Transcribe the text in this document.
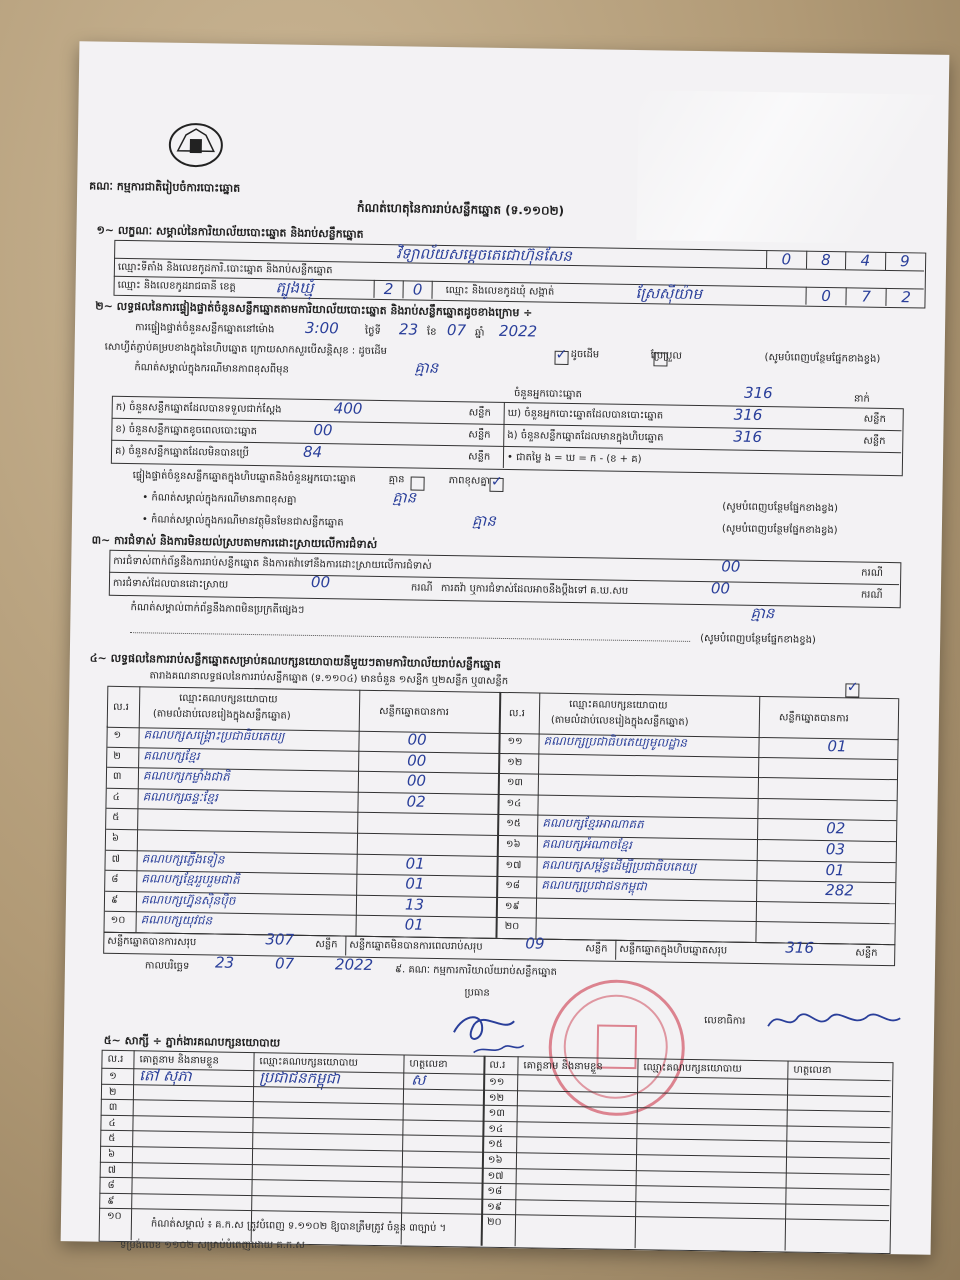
គណៈ កម្មការជាតិរៀបចំការបោះឆ្នោត
កំណត់ហេតុនៃការរាប់សន្លឹកឆ្នោត (ទ.១១០២)
១~ លក្ខណៈ សម្គាល់នៃការិយាល័យបោះឆ្នោត និងរាប់សន្លឹកឆ្នោត
ឈ្មោះទីតាំង និងលេខកូដការិ.បោះឆ្នោត និងរាប់សន្លឹកឆ្នោត
វិទ្យាល័យសម្តេចតេជោហ៊ុនសែន	0	8	4	9
ឈ្មោះ និងលេខកូដរាជធានី ខេត្ត	ត្បូងឃ្មុំ	2	0	ឈ្មោះ និងលេខកូដឃុំ សង្កាត់	ស្រែស៊ីយ៉ាម	0	7	2
២~ លទ្ធផលនៃការផ្ទៀងផ្ទាត់ចំនួនសន្លឹកឆ្នោតតាមការិយាល័យបោះឆ្នោត និងរាប់សន្លឹកឆ្នោតដូចខាងក្រោម ÷
ការផ្ទៀងផ្ទាត់ចំនួនសន្លឹកឆ្នោតនៅម៉ោង 3:00	ថ្ងៃទី 23 ខែ 07 ឆ្នាំ 2022
សោហ្វីត់ភ្ជាប់គម្របខាងក្នុងនៃហិបឆ្នោត ក្រោយសាកសួរបើសន្តិសុខ : ដូចដើម ✓	ដូចដើម
	ប្រែប្រួល	(សូមបំពេញបន្ថែមផ្នែកខាងខ្វង)
កំណត់សម្គាល់ក្នុងករណីមានភាពខុសពីមុន	គ្មាន
ចំនួនអ្នកបោះឆ្នោត	316	នាក់
ក) ចំនួនសន្លឹកឆ្នោតដែលបានទទួលជាក់ស្តែង	400	សន្លឹក ឃ) ចំនួនអ្នកបោះឆ្នោតដែលបានបោះឆ្នោត	316	សន្លឹក
ខ) ចំនួនសន្លឹកឆ្នោតខូចពេលបោះឆ្នោត	00	សន្លឹក ង) ចំនួនសន្លឹកឆ្នោតដែលមានក្នុងហិបឆ្នោត	316	សន្លឹក
គ) ចំនួនសន្លឹកឆ្នោតដែលមិនបានប្រើ	84	សន្លឹក • ជាតម្លៃ ង = ឃ = ក - (ខ + គ)
ផ្ទៀងផ្ទាត់ចំនួនសន្លឹកឆ្នោតក្នុងហិបឆ្នោតនិងចំនួនអ្នកបោះឆ្នោត
	គ្មាន ✓	ភាពខុសគ្នា
• កំណត់សម្គាល់ក្នុងករណីមានភាពខុសគ្នា	គ្មាន
(សូមបំពេញបន្ថែមផ្នែកខាងខ្វង)
• កំណត់សម្គាល់ក្នុងករណីមានវត្ថុមិនមែនជាសន្លឹកឆ្នោត	គ្មាន	(សូមបំពេញបន្ថែមផ្នែកខាងខ្វង)
៣~ ការជំទាស់ និងការមិនយល់ស្របតាមការដោះស្រាយលើការជំទាស់
ការជំទាស់ពាក់ព័ន្ធនឹងការរាប់សន្លឹកឆ្នោត និងការតវ៉ាទៅនឹងការដោះស្រាយលើការជំទាស់	00	ករណី
ការជំទាស់ដែលបានដោះស្រាយ	00	ករណី ការតវ៉ា ឬការជំទាស់ដែលអាចនឹងប្តឹងទៅ គ.ឃ.សប	00	ករណី
កំណត់សម្គាល់ពាក់ព័ន្ធនឹងភាពមិនប្រក្រតីផ្សេងៗ	គ្មាន
(សូមបំពេញបន្ថែមផ្នែកខាងខ្វង)
៤~ លទ្ធផលនៃការរាប់សន្លឹកឆ្នោតសម្រាប់គណបក្សនយោបាយនីមួយៗតាមការិយាល័យរាប់សន្លឹកឆ្នោត
តារាងគណនាលទ្ធផលនៃការរាប់សន្លឹកឆ្នោត (ទ.១១០៤) មានចំនួន ១សន្លឹក ឬ២សន្លឹក ឬ៣សន្លឹក
✓
ល.រ
ឈ្មោះគណបក្សនយោបាយ
(តាមលំដាប់លេខរៀងក្នុងសន្លឹកឆ្នោត)	សន្លឹកឆ្នោតបានការ	ល.រ
ឈ្មោះគណបក្សនយោបាយ
(តាមលំដាប់លេខរៀងក្នុងសន្លឹកឆ្នោត)	សន្លឹកឆ្នោតបានការ
១	គណបក្សសង្គ្រោះប្រជាធិបតេយ្យ	00	១១	គណបក្សប្រជាធិបតេយ្យមូលដ្ឋាន	01
២	គណបក្សខ្មែរ	00	១២
៣	គណបក្សកម្លាំងជាតិ	00	១៣
៤	គណបក្សឆន្ទៈខ្មែរ	02	១៤
៥
១៥	គណបក្សខ្មែរអាណាគត	02
៦
១៦	គណបក្សអំណាចខ្មែរ	03
៧	គណបក្សភ្លើងទៀន	01	១៧	គណបក្សសម្ព័ន្ធដើម្បីប្រជាធិបតេយ្យ	01
៨	គណបក្សខ្មែររួបរួមជាតិ	01	១៨	គណបក្សប្រជាជនកម្ពុជា	282
៩	គណបក្សហ្វ៊ុនស៊ិនប៉ិច	13	១៩
១០	គណបក្សយុវជន	01	២០
សន្លឹកឆ្នោតបានការសរុប	307 សន្លឹក សន្លឹកឆ្នោតមិនបានការពេលរាប់សរុប	09	សន្លឹក សន្លឹកឆ្នោតក្នុងហិបឆ្នោតសរុប	316	សន្លឹក
កាលបរិច្ឆេទ 23	07	2022 ៩. គណៈ កម្មការការិយាល័យរាប់សន្លឹកឆ្នោត
ប្រធាន
លេខាធិការ
៥~ សាក្សី ÷ ភ្នាក់ងារគណបក្សនយោបាយ
ល.រ គោត្តនាម និងនាមខ្លួន	ឈ្មោះគណបក្សនយោបាយ	ហត្ថលេខា	ល.រ គោត្តនាម និងនាមខ្លួន	ឈ្មោះគណបក្សនយោបាយ	ហត្ថលេខា
១ តៅ សុភា	ប្រជាជនកម្ពុជា	ស	១១
២
១២
៣
១៣
៤
១៤
៥
១៥
៦
១៦
៧
១៧
៨
១៨
៩
១៩
១០
២០
កំណត់សម្គាល់ ៖ គ.ក.ស ត្រូវបំពេញ ទ.១១០២ ឱ្យបានត្រឹមត្រូវ ចំនួន ៣ច្បាប់ ។
ទម្រង់លេខ ១១០២ សម្រាប់បំពេញដោយ គ.ក.ស
